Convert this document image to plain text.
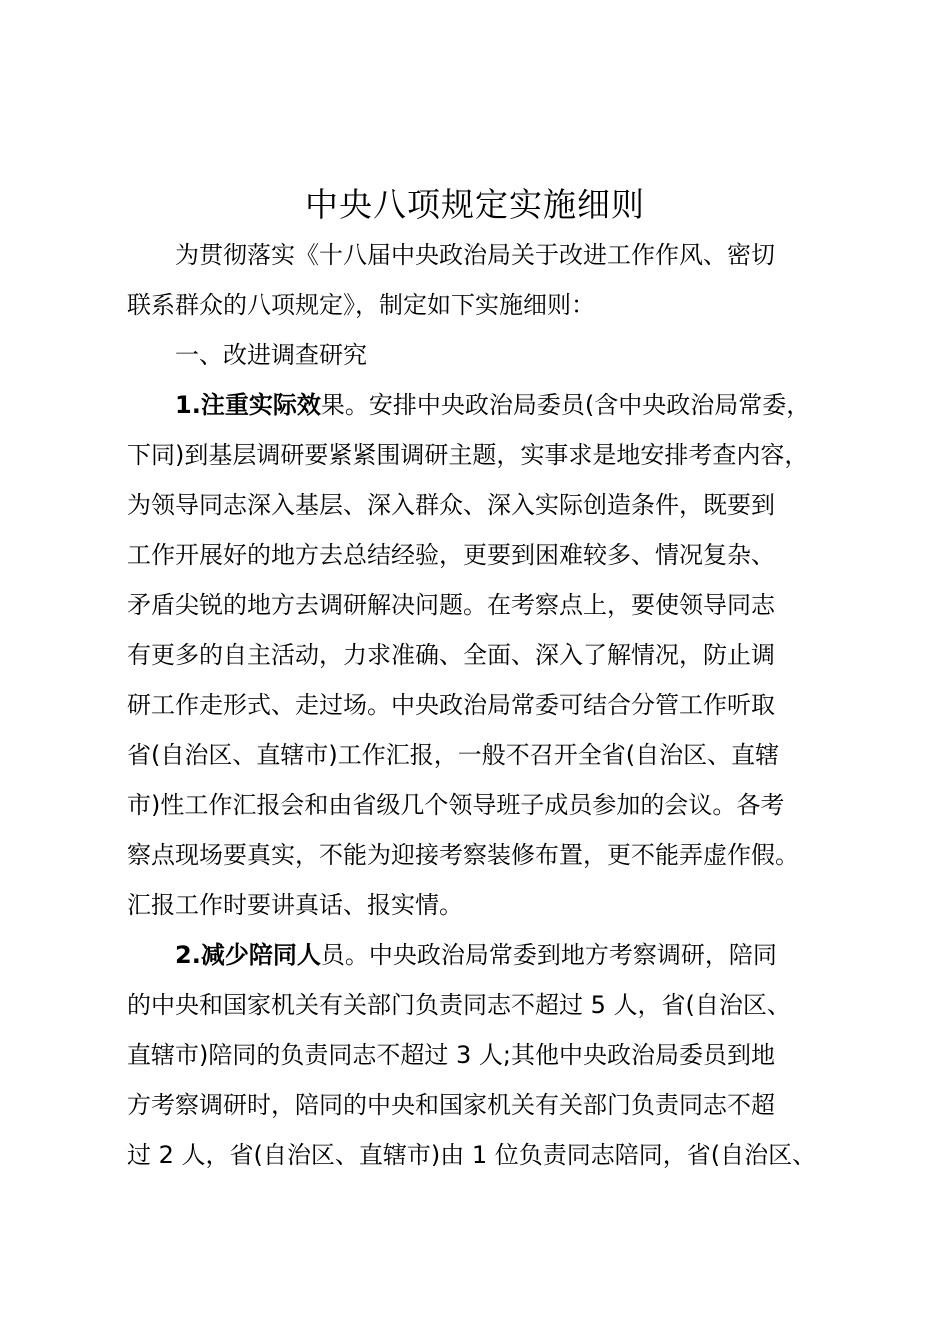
中央八项规定实施细则
为贯彻落实《十八届中央政治局关于改进工作作风、密切
联系群众的八项规定》，制定如下实施细则：
一、改进调查研究
1.注重实际效果。安排中央政治局委员(含中央政治局常委，
下同)到基层调研要紧紧围调研主题，实事求是地安排考查内容，
为领导同志深入基层、深入群众、深入实际创造条件，既要到
工作开展好的地方去总结经验，更要到困难较多、情况复杂、
矛盾尖锐的地方去调研解决问题。在考察点上，要使领导同志
有更多的自主活动，力求准确、全面、深入了解情况，防止调
研工作走形式、走过场。中央政治局常委可结合分管工作听取
省(自治区、直辖市)工作汇报，一般不召开全省(自治区、直辖
市)性工作汇报会和由省级几个领导班子成员参加的会议。各考
察点现场要真实，不能为迎接考察装修布置，更不能弄虚作假。
汇报工作时要讲真话、报实情。
2.减少陪同人员。中央政治局常委到地方考察调研，陪同
的中央和国家机关有关部门负责同志不超过 5 人，省(自治区、
直辖市)陪同的负责同志不超过 3 人;其他中央政治局委员到地
方考察调研时，陪同的中央和国家机关有关部门负责同志不超
过 2 人，省(自治区、直辖市)由 1 位负责同志陪同，省(自治区、
